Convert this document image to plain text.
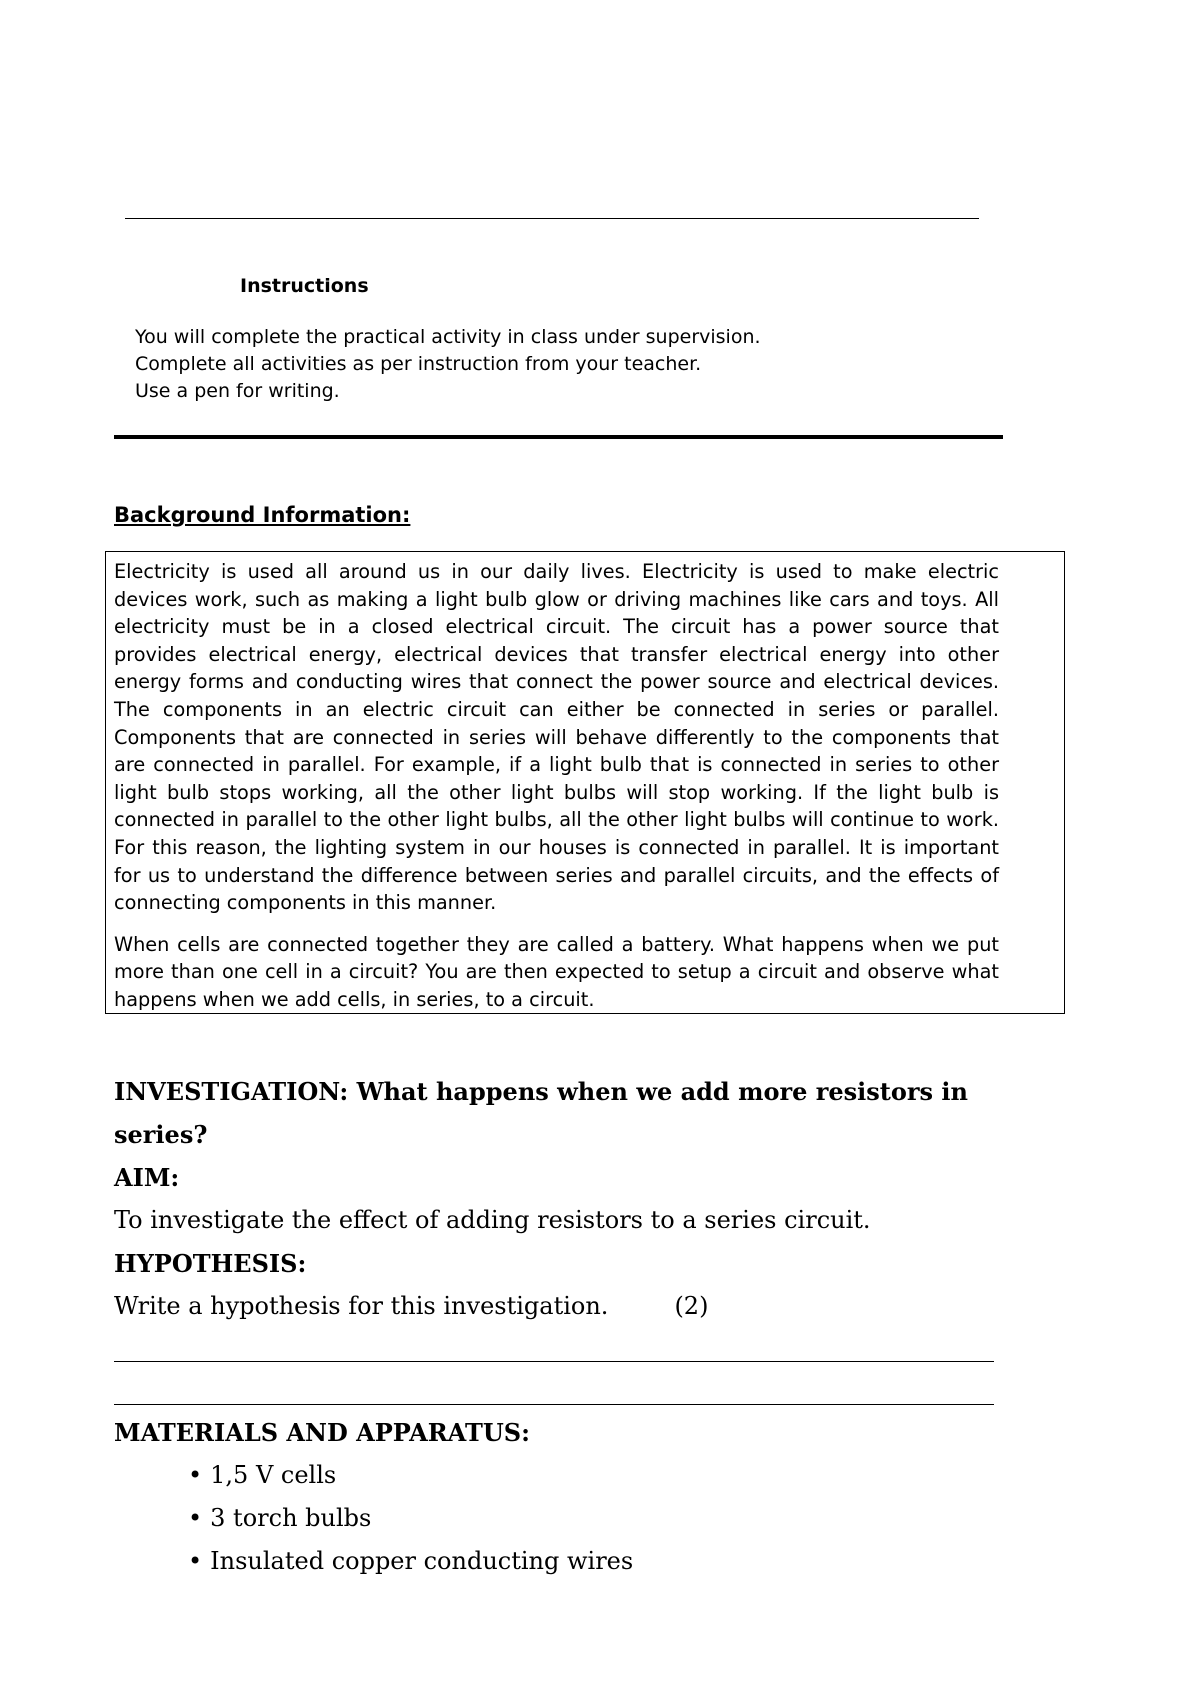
Instructions
You will complete the practical activity in class under supervision.
Complete all activities as per instruction from your teacher.
Use a pen for writing.
Background Information:

Electricity is used all around us in our daily lives. Electricity is used to make electric devices work, such as making a light bulb glow or driving machines like cars and toys. All electricity must be in a closed electrical circuit. The circuit has a power source that provides electrical energy, electrical devices that transfer electrical energy into other energy forms and conducting wires that connect the power source and electrical devices. The components in an electric circuit can either be connected in series or parallel. Components that are connected in series will behave differently to the components that are connected in parallel. For example, if a light bulb that is connected in series to other light bulb stops working, all the other light bulbs will stop working. If the light bulb is connected in parallel to the other light bulbs, all the other light bulbs will continue to work. For this reason, the lighting system in our houses is connected in parallel. It is important for us to understand the difference between series and parallel circuits, and the effects of connecting components in this manner.

When cells are connected together they are called a battery. What happens when we put more than one cell in a circuit? You are then expected to setup a circuit and observe what happens when we add cells, in series, to a circuit.

INVESTIGATION: What happens when we add more resistors in series?
AIM:
To investigate the effect of adding resistors to a series circuit.
HYPOTHESIS:
Write a hypothesis for this investigation.	(2)
MATERIALS AND APPARATUS:
• 1,5 V cells
• 3 torch bulbs
• Insulated copper conducting wires
